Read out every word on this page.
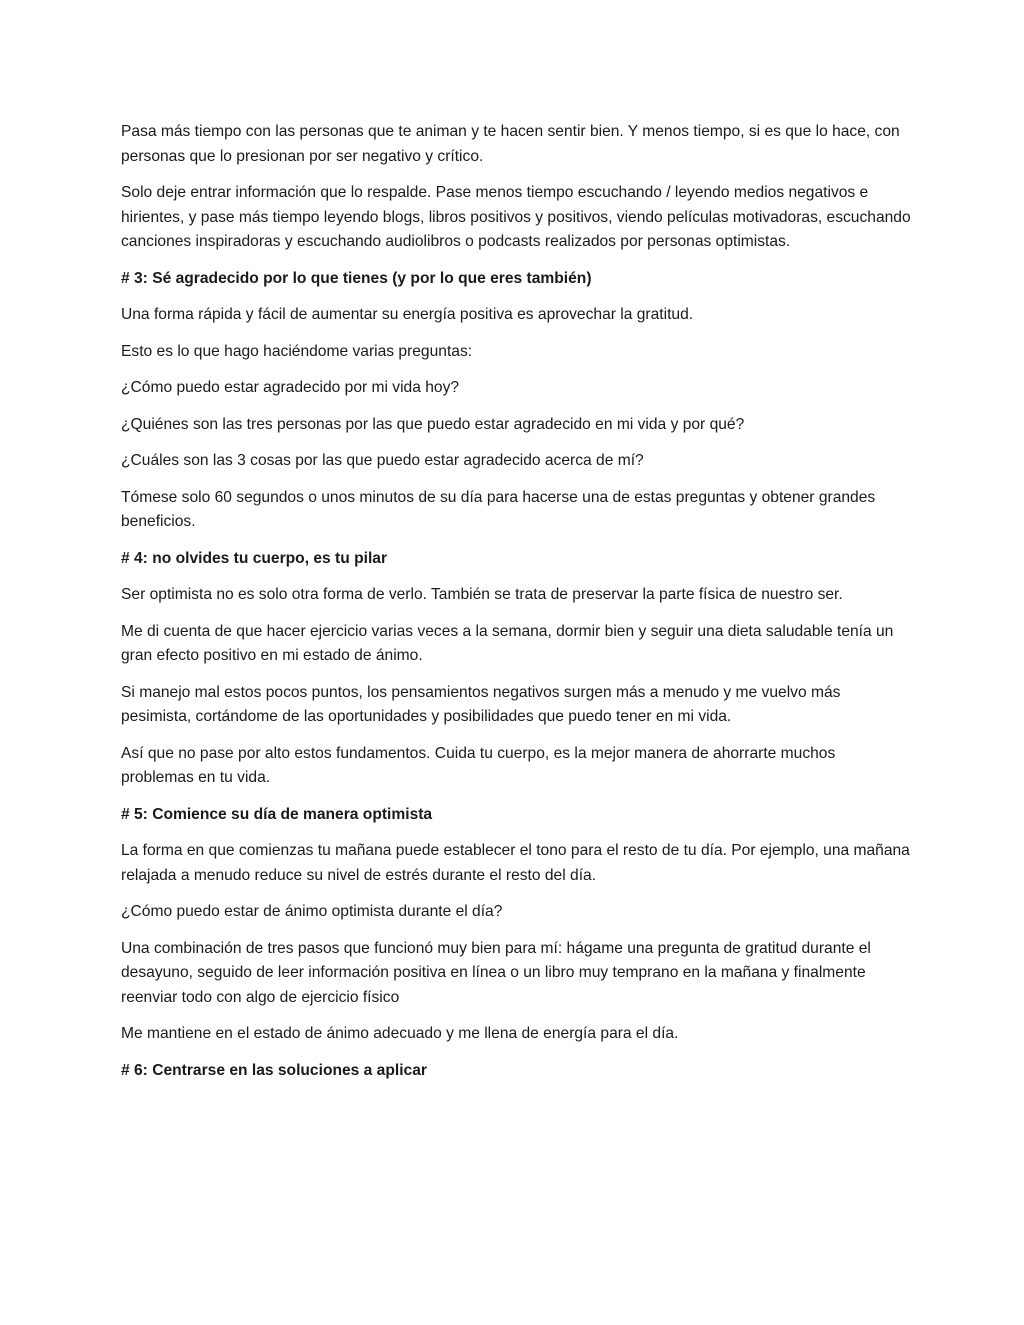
Pasa más tiempo con las personas que te animan y te hacen sentir bien. Y menos tiempo, si es que lo hace, con personas que lo presionan por ser negativo y crítico.

Solo deje entrar información que lo respalde. Pase menos tiempo escuchando / leyendo medios negativos e hirientes, y pase más tiempo leyendo blogs, libros positivos y positivos, viendo películas motivadoras, escuchando canciones inspiradoras y escuchando audiolibros o podcasts realizados por personas optimistas.

# 3: Sé agradecido por lo que tienes (y por lo que eres también)

Una forma rápida y fácil de aumentar su energía positiva es aprovechar la gratitud.

Esto es lo que hago haciéndome varias preguntas:

¿Cómo puedo estar agradecido por mi vida hoy?

¿Quiénes son las tres personas por las que puedo estar agradecido en mi vida y por qué?

¿Cuáles son las 3 cosas por las que puedo estar agradecido acerca de mí?

Tómese solo 60 segundos o unos minutos de su día para hacerse una de estas preguntas y obtener grandes beneficios.

# 4: no olvides tu cuerpo, es tu pilar

Ser optimista no es solo otra forma de verlo. También se trata de preservar la parte física de nuestro ser.

Me di cuenta de que hacer ejercicio varias veces a la semana, dormir bien y seguir una dieta saludable tenía un gran efecto positivo en mi estado de ánimo.

Si manejo mal estos pocos puntos, los pensamientos negativos surgen más a menudo y me vuelvo más pesimista, cortándome de las oportunidades y posibilidades que puedo tener en mi vida.

Así que no pase por alto estos fundamentos. Cuida tu cuerpo, es la mejor manera de ahorrarte muchos problemas en tu vida.

# 5: Comience su día de manera optimista

La forma en que comienzas tu mañana puede establecer el tono para el resto de tu día. Por ejemplo, una mañana relajada a menudo reduce su nivel de estrés durante el resto del día.

¿Cómo puedo estar de ánimo optimista durante el día?

Una combinación de tres pasos que funcionó muy bien para mí: hágame una pregunta de gratitud durante el desayuno, seguido de leer información positiva en línea o un libro muy temprano en la mañana y finalmente reenviar todo con algo de ejercicio físico

Me mantiene en el estado de ánimo adecuado y me llena de energía para el día.

# 6: Centrarse en las soluciones a aplicar
